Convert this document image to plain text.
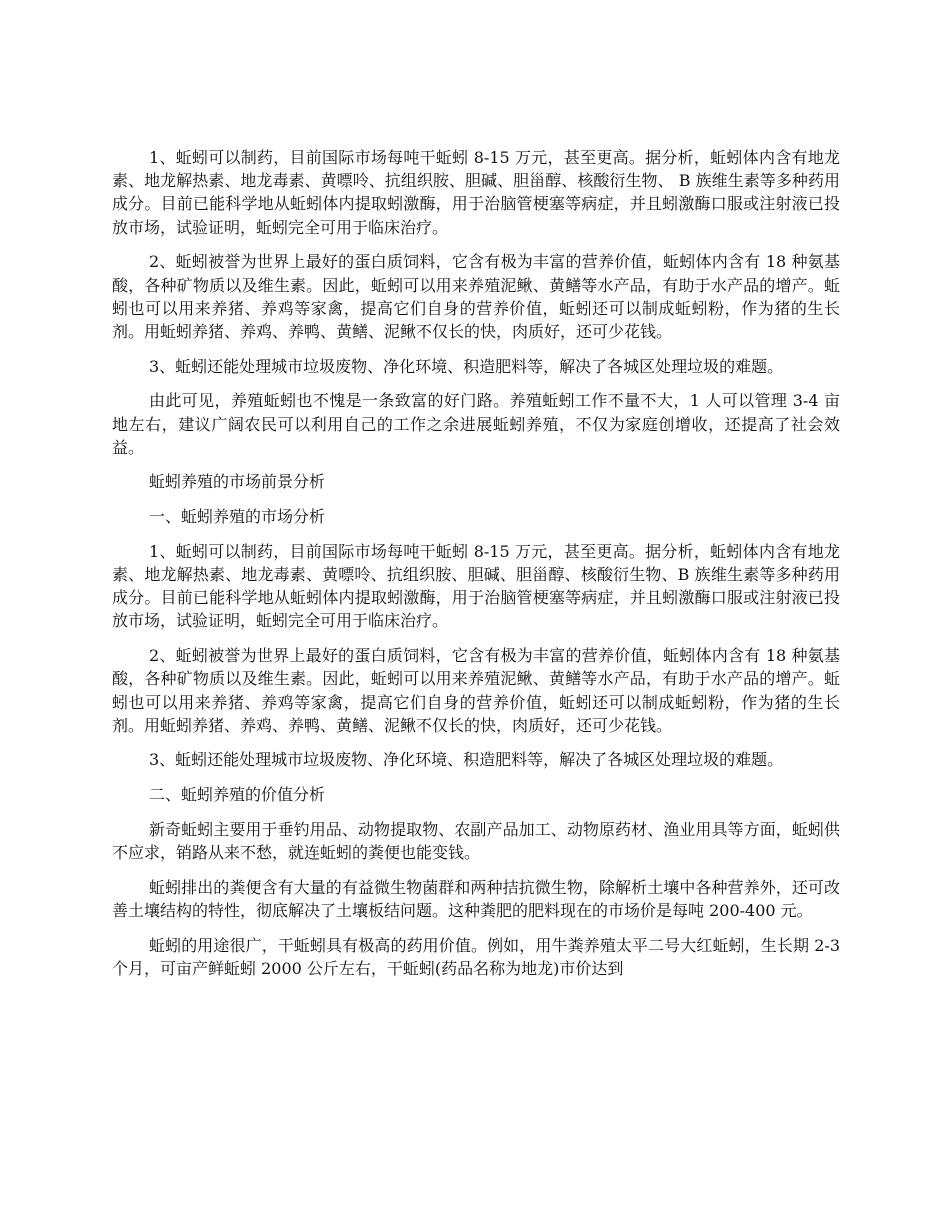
1、蚯蚓可以制药，目前国际市场每吨干蚯蚓 8-15 万元，甚至更高。据分析，蚯蚓体内含有地龙素、地龙解热素、地龙毒素、黄嘌呤、抗组织胺、胆碱、胆甾醇、核酸衍生物、 B 族维生素等多种药用成分。目前已能科学地从蚯蚓体内提取蚓激酶，用于治脑管梗塞等病症，并且蚓激酶口服或注射液已投放市场，试验证明，蚯蚓完全可用于临床治疗。

2、蚯蚓被誉为世界上最好的蛋白质饲料，它含有极为丰富的营养价值，蚯蚓体内含有 18 种氨基酸，各种矿物质以及维生素。因此，蚯蚓可以用来养殖泥鳅、黄鳝等水产品，有助于水产品的增产。蚯蚓也可以用来养猪、养鸡等家禽，提高它们自身的营养价值，蚯蚓还可以制成蚯蚓粉，作为猪的生长剂。用蚯蚓养猪、养鸡、养鸭、黄鳝、泥鳅不仅长的快，肉质好，还可少花钱。

3、蚯蚓还能处理城市垃圾废物、净化环境、积造肥料等，解决了各城区处理垃圾的难题。

由此可见，养殖蚯蚓也不愧是一条致富的好门路。养殖蚯蚓工作不量不大，1 人可以管理 3-4 亩地左右，建议广阔农民可以利用自己的工作之余进展蚯蚓养殖，不仅为家庭创增收，还提高了社会效益。

蚯蚓养殖的市场前景分析

一、蚯蚓养殖的市场分析

1、蚯蚓可以制药，目前国际市场每吨干蚯蚓 8-15 万元，甚至更高。据分析，蚯蚓体内含有地龙素、地龙解热素、地龙毒素、黄嘌呤、抗组织胺、胆碱、胆甾醇、核酸衍生物、B 族维生素等多种药用成分。目前已能科学地从蚯蚓体内提取蚓激酶，用于治脑管梗塞等病症，并且蚓激酶口服或注射液已投放市场，试验证明，蚯蚓完全可用于临床治疗。

2、蚯蚓被誉为世界上最好的蛋白质饲料，它含有极为丰富的营养价值，蚯蚓体内含有 18 种氨基酸，各种矿物质以及维生素。因此，蚯蚓可以用来养殖泥鳅、黄鳝等水产品，有助于水产品的增产。蚯蚓也可以用来养猪、养鸡等家禽，提高它们自身的营养价值，蚯蚓还可以制成蚯蚓粉，作为猪的生长剂。用蚯蚓养猪、养鸡、养鸭、黄鳝、泥鳅不仅长的快，肉质好，还可少花钱。

3、蚯蚓还能处理城市垃圾废物、净化环境、积造肥料等，解决了各城区处理垃圾的难题。

二、蚯蚓养殖的价值分析

新奇蚯蚓主要用于垂钓用品、动物提取物、农副产品加工、动物原药材、渔业用具等方面，蚯蚓供不应求，销路从来不愁，就连蚯蚓的粪便也能变钱。

蚯蚓排出的粪便含有大量的有益微生物菌群和两种拮抗微生物，除解析土壤中各种营养外，还可改善土壤结构的特性，彻底解决了土壤板结问题。这种粪肥的肥料现在的市场价是每吨 200-400 元。

蚯蚓的用途很广，干蚯蚓具有极高的药用价值。例如，用牛粪养殖太平二号大红蚯蚓，生长期 2-3 个月，可亩产鲜蚯蚓 2000 公斤左右，干蚯蚓(药品名称为地龙)市价达到
